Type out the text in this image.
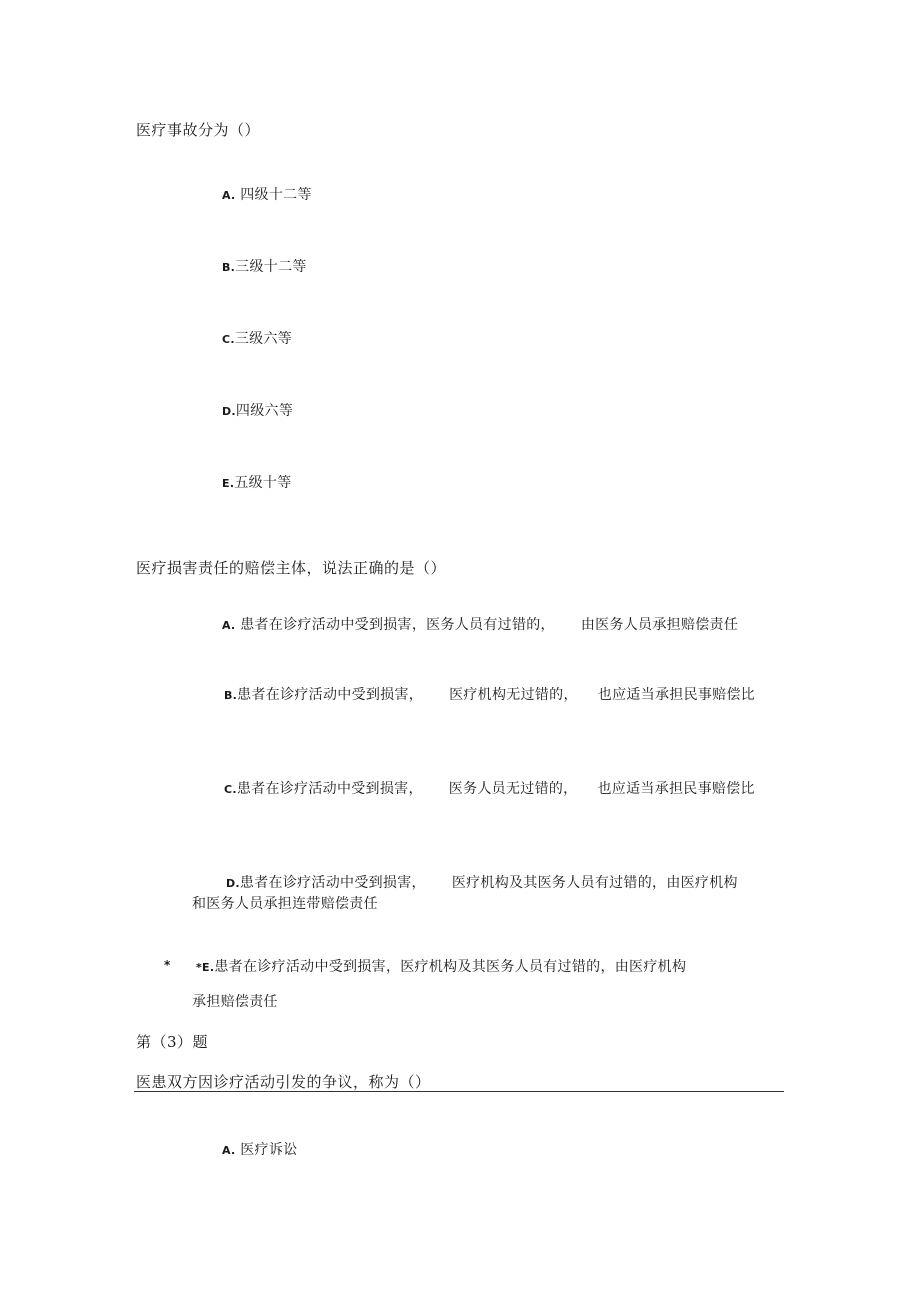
医疗事故分为（）
A. 四级十二等
B.三级十二等
C.三级六等
D.四级六等
E.五级十等
医疗损害责任的赔偿主体，说法正确的是（）
A. 患者在诊疗活动中受到损害，医务人员有过错的， 由医务人员承担赔偿责任
B.患者在诊疗活动中受到损害， 医疗机构无过错的， 也应适当承担民事赔偿比
C.患者在诊疗活动中受到损害， 医务人员无过错的， 也应适当承担民事赔偿比
D.患者在诊疗活动中受到损害， 医疗机构及其医务人员有过错的，由医疗机构
和医务人员承担连带赔偿责任
* *E.患者在诊疗活动中受到损害，医疗机构及其医务人员有过错的，由医疗机构
承担赔偿责任
第（3）题
医患双方因诊疗活动引发的争议，称为（）
A. 医疗诉讼
